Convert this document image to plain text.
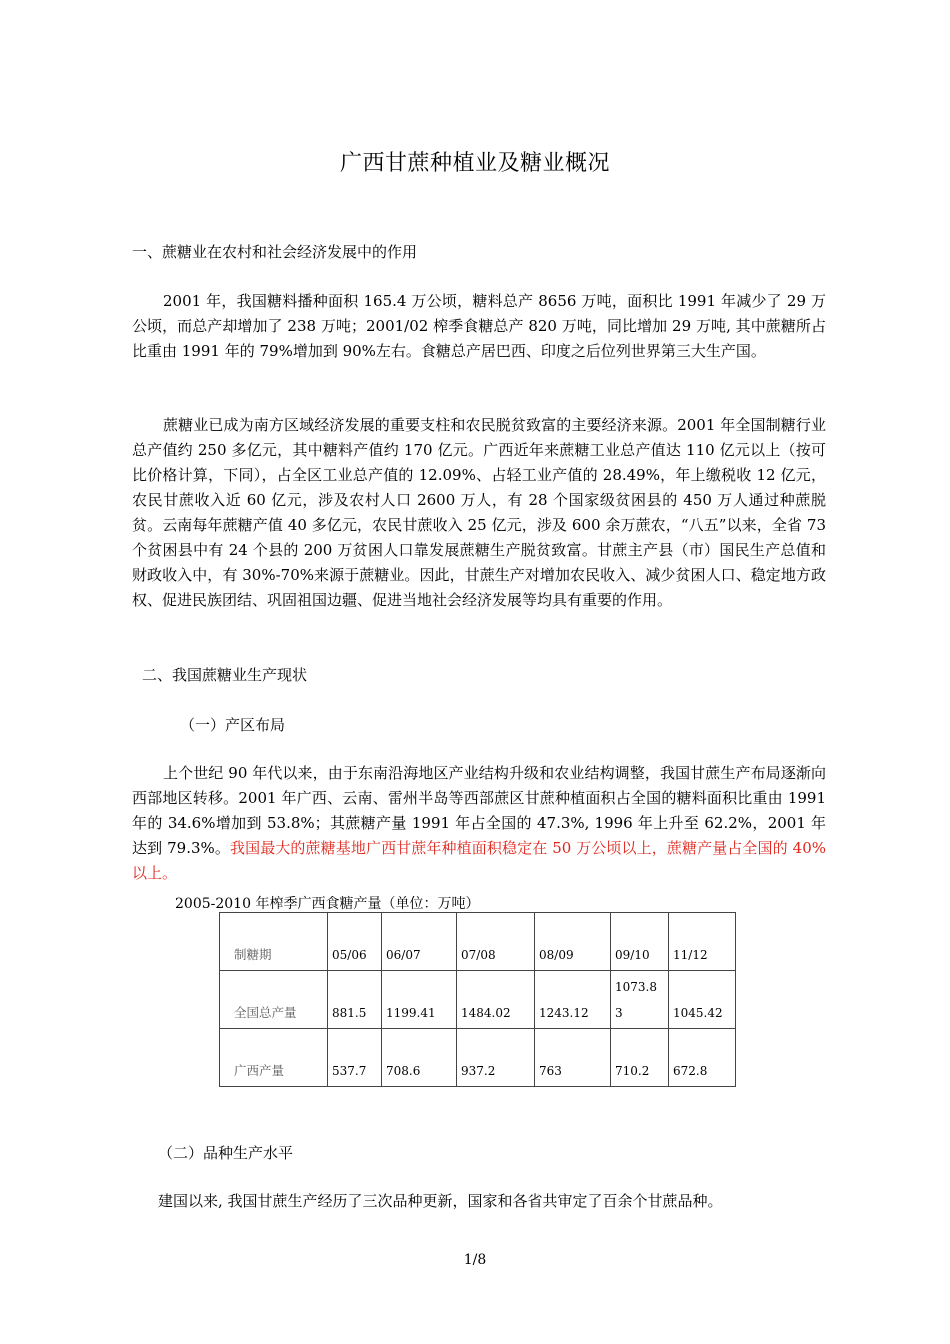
广西甘蔗种植业及糖业概况
一、蔗糖业在农村和社会经济发展中的作用
2001 年，我国糖料播种面积 165.4 万公顷，糖料总产 8656 万吨，面积比 1991 年减少了 29 万公顷，而总产却增加了 238 万吨；2001/02 榨季食糖总产 820 万吨，同比增加 29 万吨, 其中蔗糖所占比重由 1991 年的 79%增加到 90%左右。食糖总产居巴西、印度之后位列世界第三大生产国。
蔗糖业已成为南方区域经济发展的重要支柱和农民脱贫致富的主要经济来源。2001 年全国制糖行业总产值约 250 多亿元，其中糖料产值约 170 亿元。广西近年来蔗糖工业总产值达 110 亿元以上（按可比价格计算，下同），占全区工业总产值的 12.09%、占轻工业产值的 28.49%，年上缴税收 12 亿元，农民甘蔗收入近 60 亿元，涉及农村人口 2600 万人，有 28 个国家级贫困县的 450 万人通过种蔗脱贫。云南每年蔗糖产值 40 多亿元，农民甘蔗收入 25 亿元，涉及 600 余万蔗农，“八五”以来，全省 73 个贫困县中有 24 个县的 200 万贫困人口靠发展蔗糖生产脱贫致富。甘蔗主产县（市）国民生产总值和财政收入中，有 30%-70%来源于蔗糖业。因此，甘蔗生产对增加农民收入、减少贫困人口、稳定地方政权、促进民族团结、巩固祖国边疆、促进当地社会经济发展等均具有重要的作用。
二、我国蔗糖业生产现状
（一）产区布局
上个世纪 90 年代以来，由于东南沿海地区产业结构升级和农业结构调整，我国甘蔗生产布局逐渐向西部地区转移。2001 年广西、云南、雷州半岛等西部蔗区甘蔗种植面积占全国的糖料面积比重由 1991 年的 34.6%增加到 53.8%；其蔗糖产量 1991 年占全国的 47.3%, 1996 年上升至 62.2%，2001 年达到 79.3%。我国最大的蔗糖基地广西甘蔗年种植面积稳定在 50 万公顷以上，蔗糖产量占全国的 40%以上。
2005-2010 年榨季广西食糖产量（单位：万吨）
制糖期	05/06	06/07	07/08	08/09	09/10	11/12
全国总产量	881.5	1199.41	1484.02	1243.12	1073.83	1045.42
广西产量	537.7	708.6	937.2	763	710.2	672.8
（二）品种生产水平
建国以来, 我国甘蔗生产经历了三次品种更新，国家和各省共审定了百余个甘蔗品种。
1/8
